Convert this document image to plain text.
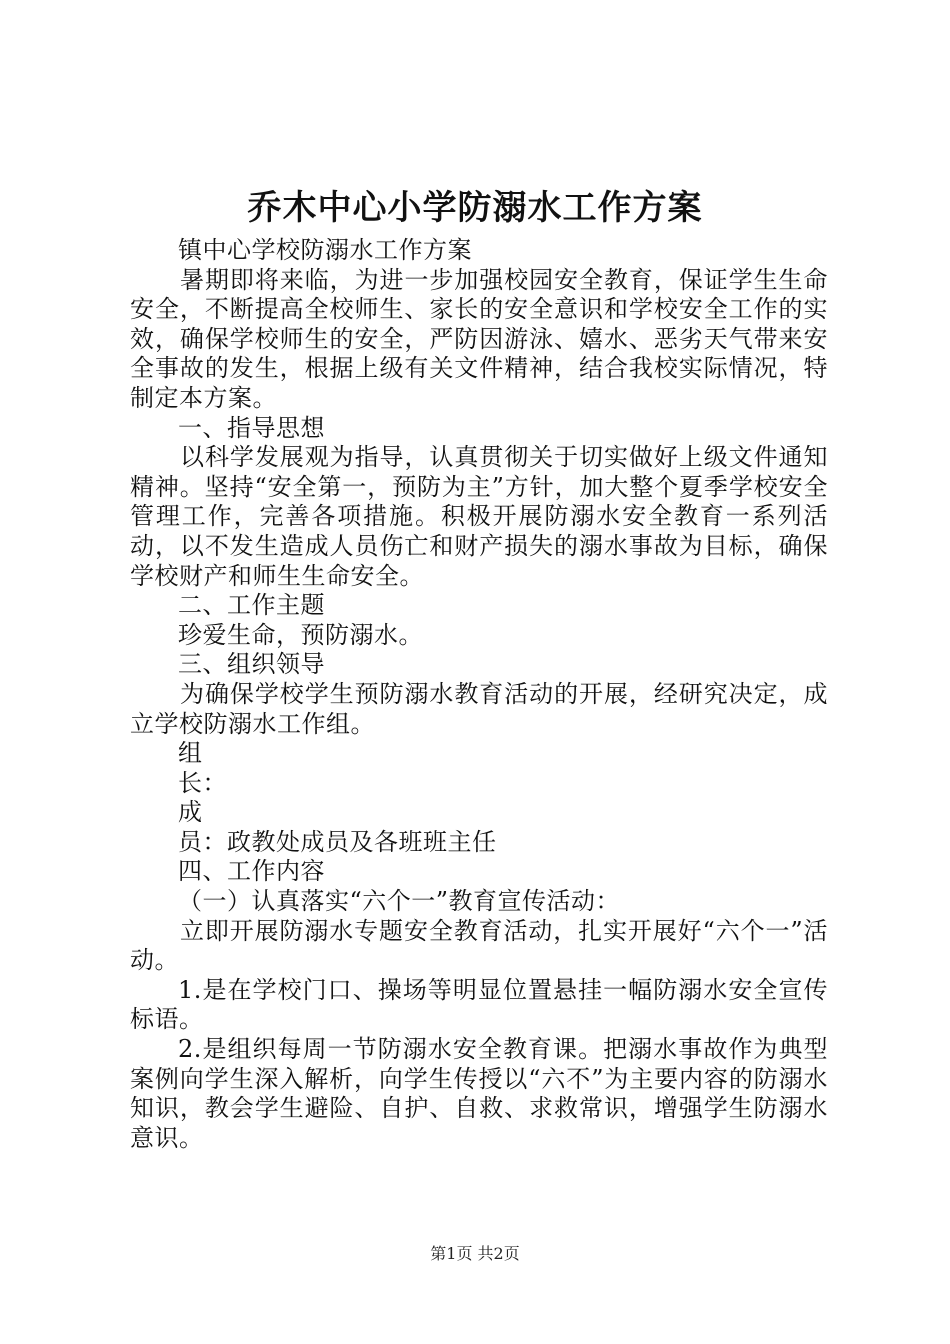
乔木中心小学防溺水工作方案

镇中心学校防溺水工作方案

暑期即将来临，为进一步加强校园安全教育，保证学生生命安全，不断提高全校师生、家长的安全意识和学校安全工作的实效，确保学校师生的安全，严防因游泳、嬉水、恶劣天气带来安全事故的发生，根据上级有关文件精神，结合我校实际情况，特制定本方案。

一、指导思想

以科学发展观为指导，认真贯彻关于切实做好上级文件通知精神。坚持“安全第一，预防为主”方针，加大整个夏季学校安全管理工作，完善各项措施。积极开展防溺水安全教育一系列活动，以不发生造成人员伤亡和财产损失的溺水事故为目标，确保学校财产和师生生命安全。

二、工作主题

珍爱生命，预防溺水。

三、组织领导

为确保学校学生预防溺水教育活动的开展，经研究决定，成立学校防溺水工作组。

组

长：

成

员：政教处成员及各班班主任

四、工作内容

（一）认真落实“六个一”教育宣传活动：

立即开展防溺水专题安全教育活动，扎实开展好“六个一”活动。

1.是在学校门口、操场等明显位置悬挂一幅防溺水安全宣传标语。

2.是组织每周一节防溺水安全教育课。把溺水事故作为典型案例向学生深入解析，向学生传授以“六不”为主要内容的防溺水知识，教会学生避险、自护、自救、求救常识，增强学生防溺水意识。

第1页 共2页
